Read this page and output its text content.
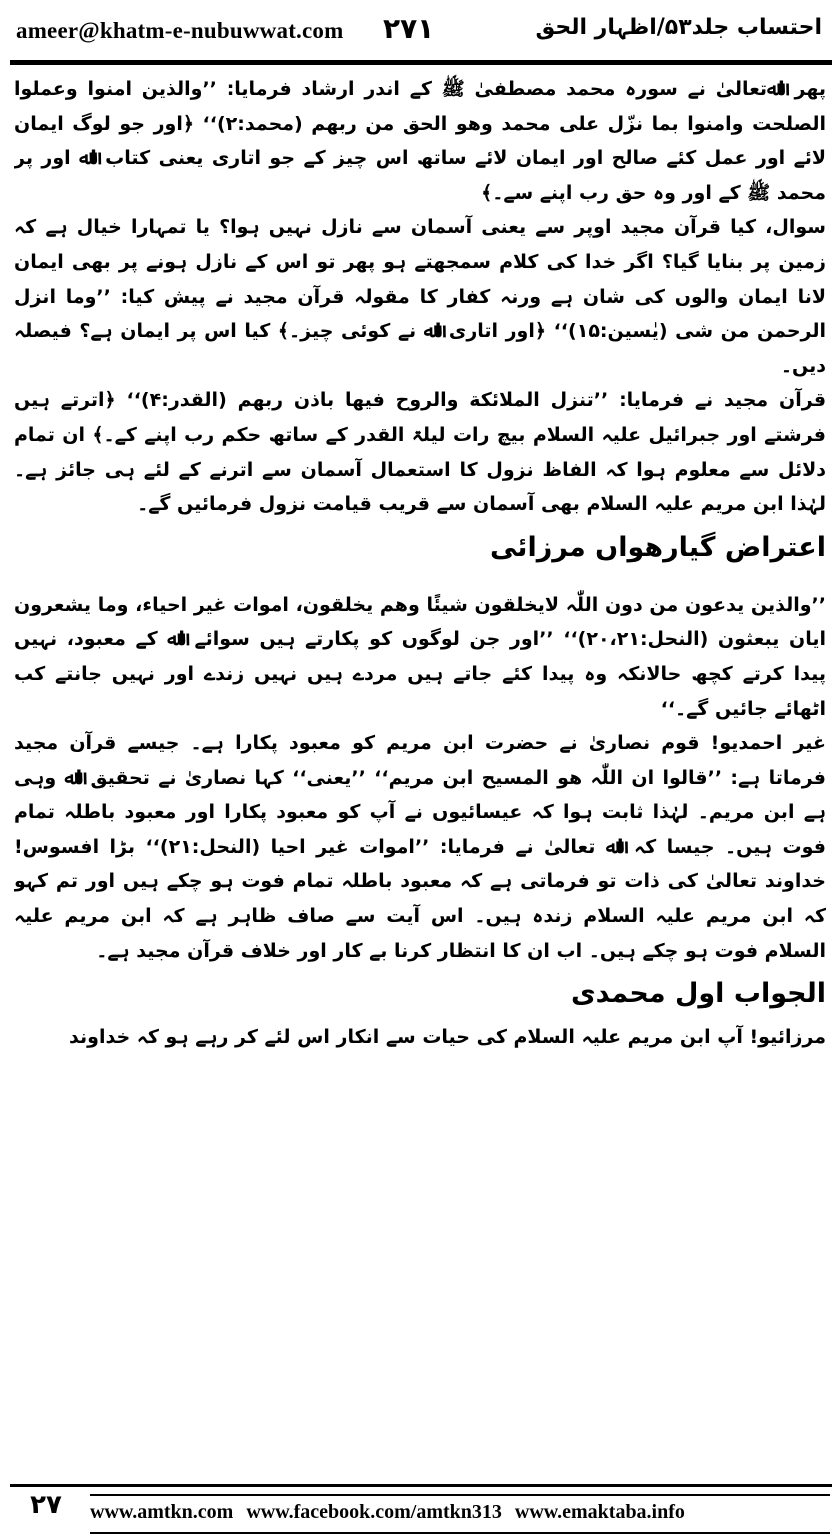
ameer@khatm-e-nubuwwat.com ۲۷۱	احتساب جلد۵۳/اظہار الحق

پھر اﷲتعالیٰ نے سورہ محمد مصطفیٰ ﷺ کے اندر ارشاد فرمایا: ’’والذین امنوا وعملوا الصلحت وامنوا بما نزّل علی محمد وھو الحق من ربھم (محمد:۲)‘‘ ﴿اور جو لوگ ایمان لائے اور عمل کئے صالح اور ایمان لائے ساتھ اس چیز کے جو اتاری یعنی کتاب اﷲ اور پر محمد ﷺ کے اور وہ حق رب اپنے سے۔﴾

سوال، کیا قرآن مجید اوپر سے یعنی آسمان سے نازل نہیں ہوا؟ یا تمہارا خیال ہے کہ زمین پر بنایا گیا؟ اگر خدا کی کلام سمجھتے ہو پھر تو اس کے نازل ہونے پر بھی ایمان لانا ایمان والوں کی شان ہے ورنہ کفار کا مقولہ قرآن مجید نے پیش کیا: ’’وما انزل الرحمن من شی (یٰسین:۱۵)‘‘ ﴿اور اتاری اﷲ نے کوئی چیز۔﴾ کیا اس پر ایمان ہے؟ فیصلہ دیں۔

قرآن مجید نے فرمایا: ’’تنزل الملائکة والروح فیھا باذن ربھم (القدر:۴)‘‘ ﴿اترتے ہیں فرشتے اور جبرائیل علیہ السلام بیچ رات لیلۃ القدر کے ساتھ حکم رب اپنے کے۔﴾ ان تمام دلائل سے معلوم ہوا کہ الفاظ نزول کا استعمال آسمان سے اترنے کے لئے ہی جائز ہے۔ لہٰذا ابن مریم علیہ السلام بھی آسمان سے قریب قیامت نزول فرمائیں گے۔

اعتراض گیارھواں مرزائی

’’والذین یدعون من دون اللّٰہ لایخلقون شیئًا وھم یخلقون، اموات غیر احیاء، وما یشعرون ایان یبعثون (النحل:۲۰،۲۱)‘‘ ’’اور جن لوگوں کو پکارتے ہیں سوائے اﷲ کے معبود، نہیں پیدا کرتے کچھ حالانکہ وہ پیدا کئے جاتے ہیں مردے ہیں نہیں زندے اور نہیں جانتے کب اٹھائے جائیں گے۔‘‘

غیر احمدیو! قوم نصاریٰ نے حضرت ابن مریم کو معبود پکارا ہے۔ جیسے قرآن مجید فرماتا ہے: ’’قالوا ان اللّٰہ ھو المسیح ابن مریم‘‘ ’’یعنی‘‘ کہا نصاریٰ نے تحقیق اﷲ وہی ہے ابن مریم۔ لہٰذا ثابت ہوا کہ عیسائیوں نے آپ کو معبود پکارا اور معبود باطلہ تمام فوت ہیں۔ جیسا کہ اﷲ تعالیٰ نے فرمایا: ’’اموات غیر احیا (النحل:۲۱)‘‘ بڑا افسوس! خداوند تعالیٰ کی ذات تو فرماتی ہے کہ معبود باطلہ تمام فوت ہو چکے ہیں اور تم کہو کہ ابن مریم علیہ السلام زندہ ہیں۔ اس آیت سے صاف ظاہر ہے کہ ابن مریم علیہ السلام فوت ہو چکے ہیں۔ اب ان کا انتظار کرنا بے کار اور خلاف قرآن مجید ہے۔

الجواب اول محمدی

مرزائیو! آپ ابن مریم علیہ السلام کی حیات سے انکار اس لئے کر رہے ہو کہ خداوند

۲۷	www.amtkn.com www.facebook.com/amtkn313 www.emaktaba.info
